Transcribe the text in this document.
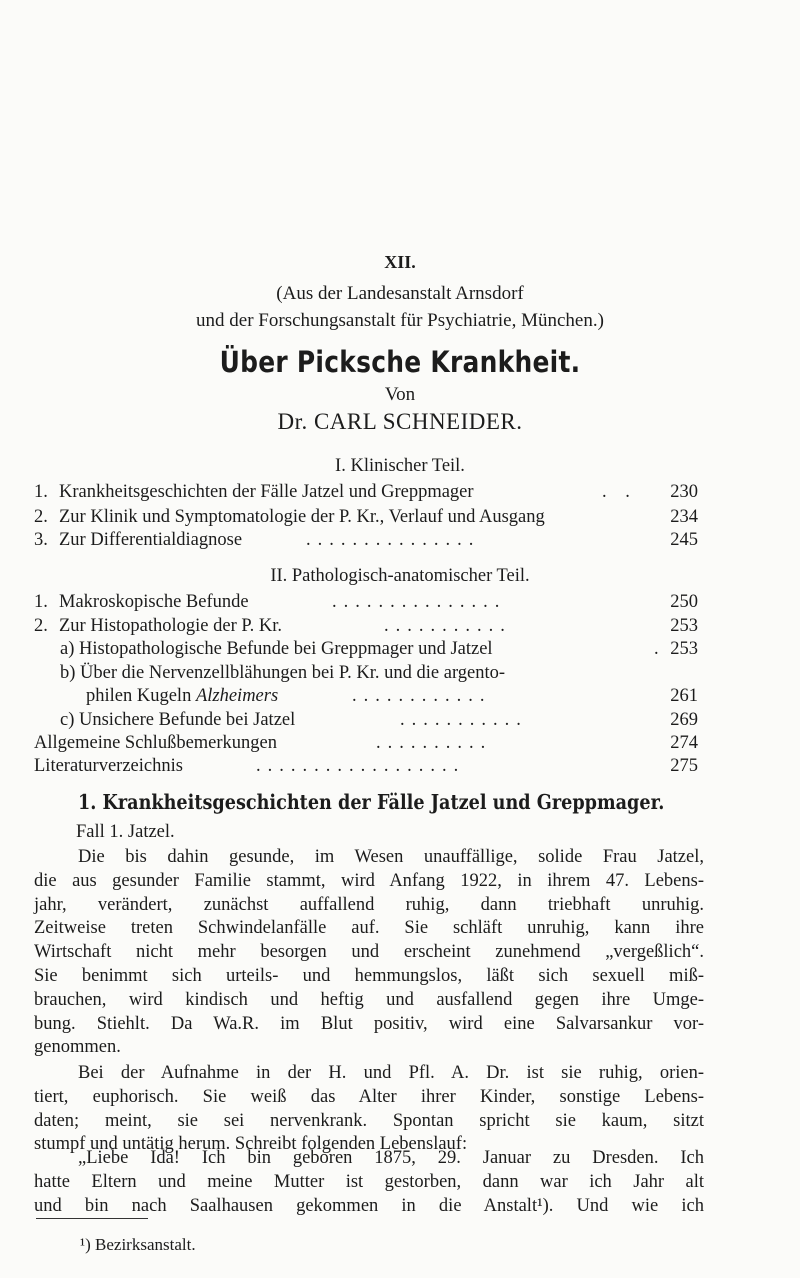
XII.
(Aus der Landesanstalt Arnsdorf
und der Forschungsanstalt für Psychiatrie, München.)
Über Picksche Krankheit.
Von
Dr. CARL SCHNEIDER.
I. Klinischer Teil.
1. Krankheitsgeschichten der Fälle Jatzel und Greppmager	. . 230
2. Zur Klinik und Symptomatologie der P. Kr., Verlauf und Ausgang	234
3. Zur Differentialdiagnose	...............	245
II. Pathologisch-anatomischer Teil.
1. Makroskopische Befunde	...............	250
2. Zur Histopathologie der P. Kr.	...........	253
a) Histopathologische Befunde bei Greppmager und Jatzel	. 253
b) Über die Nervenzellblähungen bei P. Kr. und die argento-
philen Kugeln Alzheimers	............	261
c) Unsichere Befunde bei Jatzel	...........	269
Allgemeine Schlußbemerkungen	..........	274
Literaturverzeichnis	..................	275
1. Krankheitsgeschichten der Fälle Jatzel und Greppmager.
Fall 1. Jatzel.
Die bis dahin gesunde, im Wesen unauffällige, solide Frau Jatzel,
die aus gesunder Familie stammt, wird Anfang 1922, in ihrem 47. Lebens-
jahr, verändert, zunächst auffallend ruhig, dann triebhaft unruhig.
Zeitweise treten Schwindelanfälle auf. Sie schläft unruhig, kann ihre
Wirtschaft nicht mehr besorgen und erscheint zunehmend „vergeßlich“.
Sie benimmt sich urteils- und hemmungslos, läßt sich sexuell miß-
brauchen, wird kindisch und heftig und ausfallend gegen ihre Umge-
bung. Stiehlt. Da Wa.R. im Blut positiv, wird eine Salvarsankur vor-
genommen.
Bei der Aufnahme in der H. und Pfl. A. Dr. ist sie ruhig, orien-
tiert, euphorisch. Sie weiß das Alter ihrer Kinder, sonstige Lebens-
daten; meint, sie sei nervenkrank. Spontan spricht sie kaum, sitzt
stumpf und untätig herum. Schreibt folgenden Lebenslauf:
„Liebe Ida! Ich bin geboren 1875, 29. Januar zu Dresden. Ich
hatte Eltern und meine Mutter ist gestorben, dann war ich Jahr alt
und bin nach Saalhausen gekommen in die Anstalt¹). Und wie ich
¹) Bezirksanstalt.
